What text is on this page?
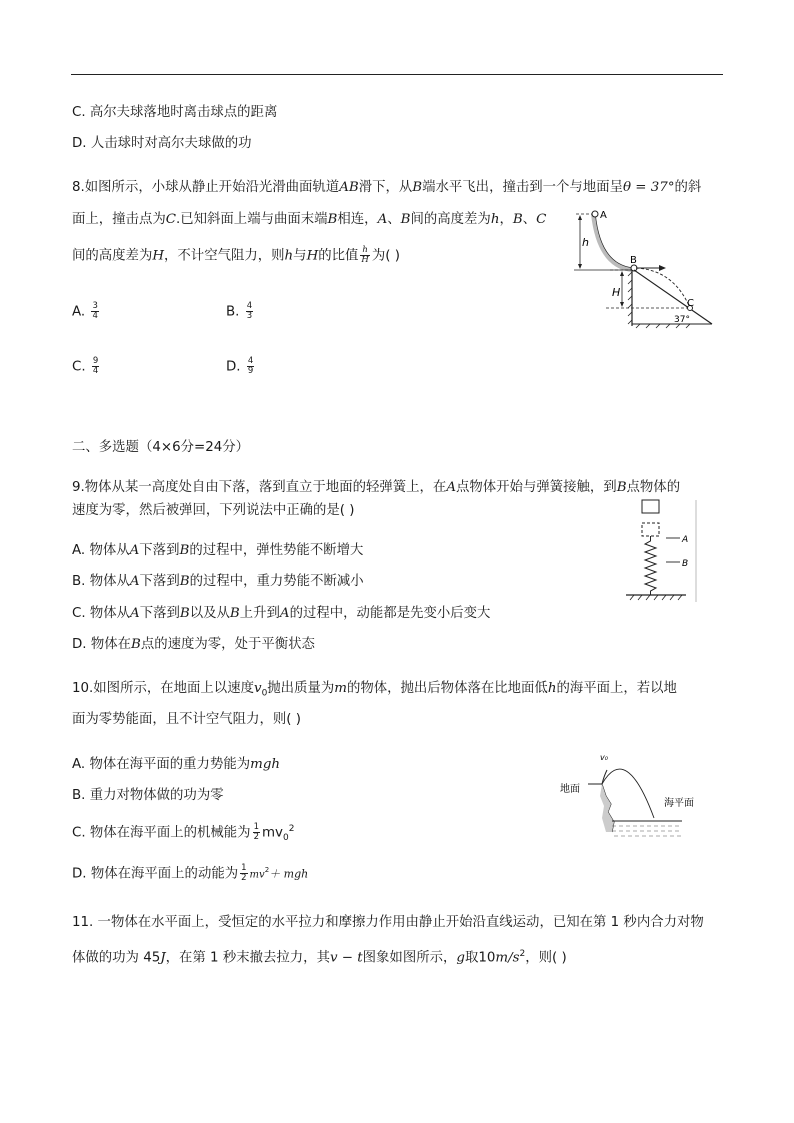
C. 高尔夫球落地时离击球点的距离
D. 人击球时对高尔夫球做的功
8.如图所示，小球从静止开始沿光滑曲面轨道AB滑下，从B端水平飞出，撞击到一个与地面呈θ = 37°的斜
面上，撞击点为C.已知斜面上端与曲面末端B相连，A、B间的高度差为h，B、C
间的高度差为H，不计空气阻力，则h与H的比值 $\frac{h}{H}$ 为( )
A. $\frac{3}{4}$	B. $\frac{4}{3}$
C. $\frac{9}{4}$	D. $\frac{4}{9}$
A
h
B
C
H
37°
二、多选题（4×6分=24分）
9.物体从某一高度处自由下落，落到直立于地面的轻弹簧上，在A点物体开始与弹簧接触，到B点物体的
速度为零，然后被弹回，下列说法中正确的是( )
A. 物体从A下落到B的过程中，弹性势能不断增大
B. 物体从A下落到B的过程中，重力势能不断减小
C. 物体从A下落到B以及从B上升到A的过程中，动能都是先变小后变大
D. 物体在B点的速度为零，处于平衡状态
A
B
10.如图所示，在地面上以速度$v_0$抛出质量为m的物体，抛出后物体落在比地面低h的海平面上，若以地
面为零势能面，且不计空气阻力，则( )
A. 物体在海平面的重力势能为mgh
B. 重力对物体做的功为零
C. 物体在海平面上的机械能为 $\frac{1}{2} mv_0^2$
D. 物体在海平面上的动能为 $\frac{1}{2} mv^2+$ mgh
地面
海平面
v₀
11. 一物体在水平面上，受恒定的水平拉力和摩擦力作用由静止开始沿直线运动，已知在第 1 秒内合力对物
体做的功为 45J，在第 1 秒末撤去拉力，其v − t图象如图所示，g取$10m/s^2$，则( )
